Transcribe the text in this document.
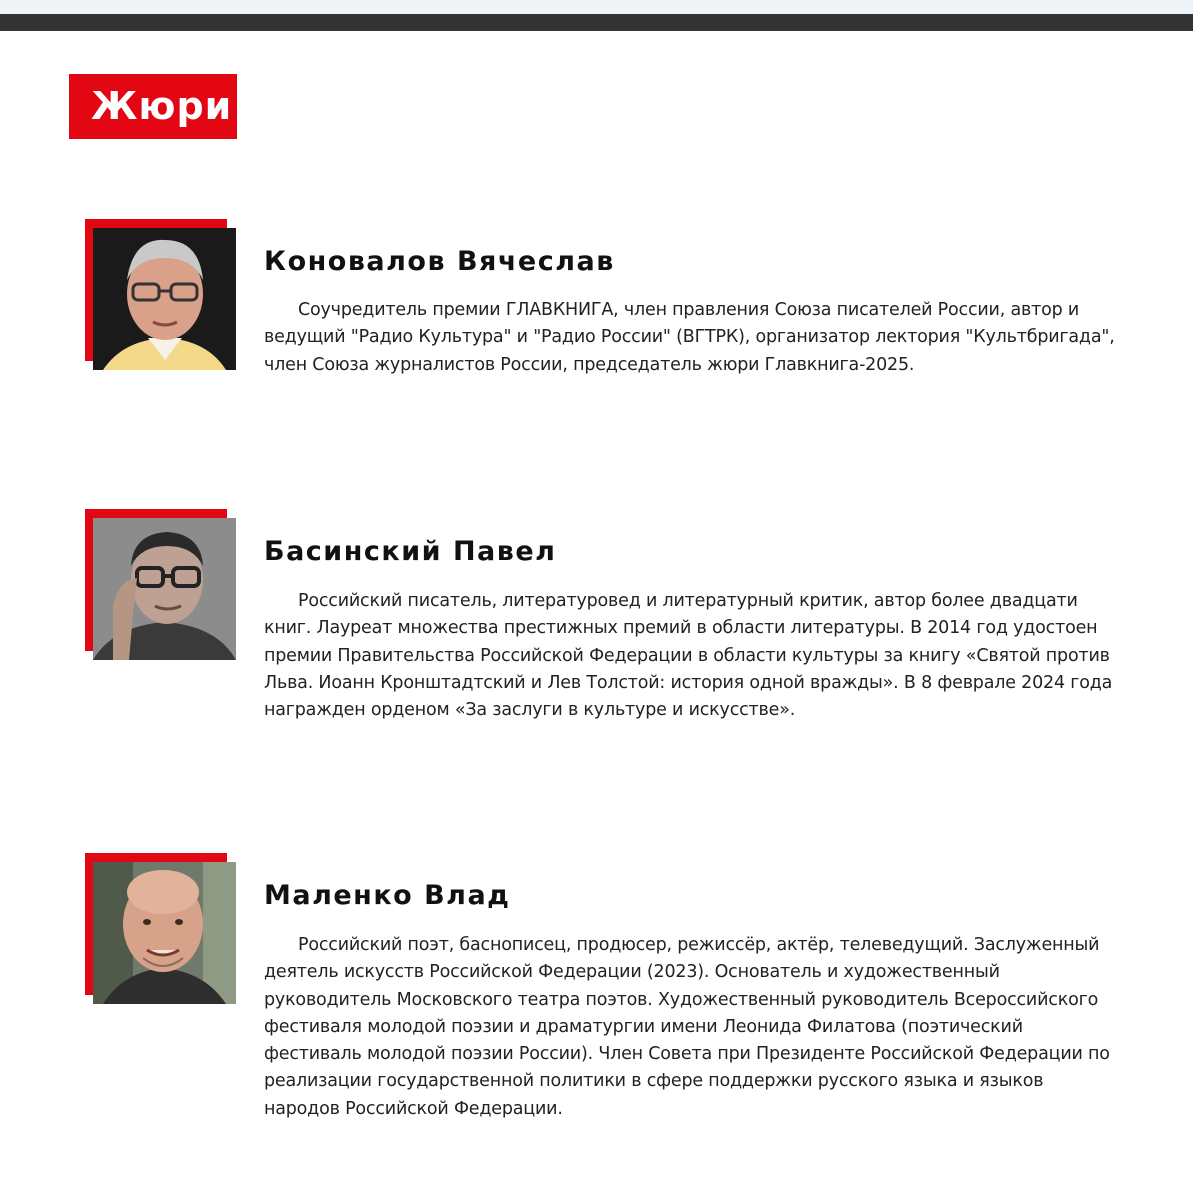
Жюри
Коновалов Вячеслав
Соучредитель премии ГЛАВКНИГА, член правления Союза писателей России, автор и ведущий "Радио Культура" и "Радио России" (ВГТРК), организатор лектория "Культбригада", член Союза журналистов России, председатель жюри Главкнига-2025.
Басинский Павел
Российский писатель, литературовед и литературный критик, автор более двадцати книг. Лауреат множества престижных премий в области литературы. В 2014 год удостоен премии Правительства Российской Федерации в области культуры за книгу «Святой против Льва. Иоанн Кронштадтский и Лев Толстой: история одной вражды». В 8 феврале 2024 года награжден орденом «За заслуги в культуре и искусстве».
Маленко Влад
Российский поэт, баснописец, продюсер, режиссёр, актёр, телеведущий. Заслуженный деятель искусств Российской Федерации (2023). Основатель и художественный руководитель Московского театра поэтов. Художественный руководитель Всероссийского фестиваля молодой поэзии и драматургии имени Леонида Филатова (поэтический фестиваль молодой поэзии России). Член Совета при Президенте Российской Федерации по реализации государственной политики в сфере поддержки русского языка и языков народов Российской Федерации.
